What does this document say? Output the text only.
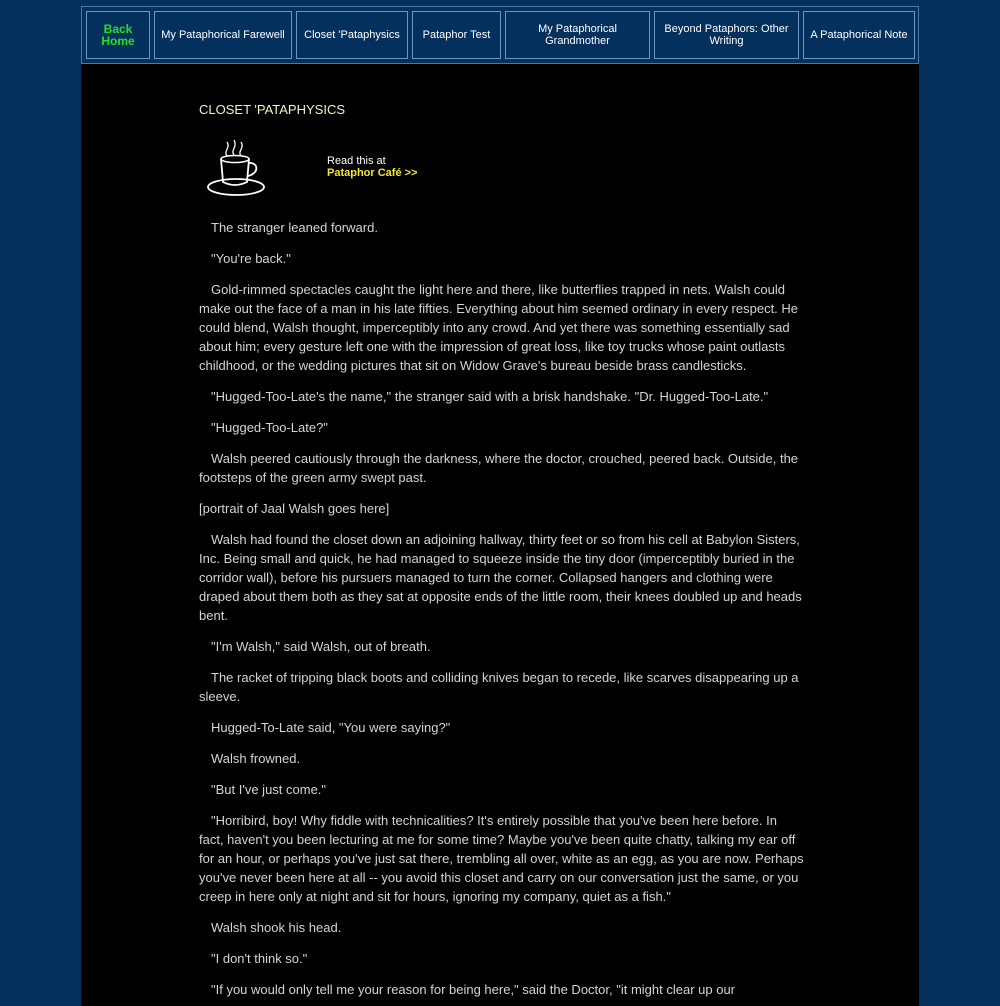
Back Home	My Pataphorical Farewell	Closet 'Pataphysics	Pataphor Test	My Pataphorical Grandmother
Beyond Pataphors: Other Writing	A Pataphorical Note
CLOSET 'PATAPHYSICS
Read this at
Pataphor Café >>

The stranger leaned forward.

"You're back."

Gold-rimmed spectacles caught the light here and there, like butterflies trapped in nets. Walsh could make out the face of a man in his late fifties. Everything about him seemed ordinary in every respect. He could blend, Walsh thought, imperceptibly into any crowd. And yet there was something essentially sad about him; every gesture left one with the impression of great loss, like toy trucks whose paint outlasts childhood, or the wedding pictures that sit on Widow Grave's bureau beside brass candlesticks.

"Hugged-Too-Late's the name," the stranger said with a brisk handshake. "Dr. Hugged-Too-Late."

"Hugged-Too-Late?"

Walsh peered cautiously through the darkness, where the doctor, crouched, peered back. Outside, the footsteps of the green army swept past.

[portrait of Jaal Walsh goes here]

Walsh had found the closet down an adjoining hallway, thirty feet or so from his cell at Babylon Sisters, Inc. Being small and quick, he had managed to squeeze inside the tiny door (imperceptibly buried in the corridor wall), before his pursuers managed to turn the corner. Collapsed hangers and clothing were draped about them both as they sat at opposite ends of the little room, their knees doubled up and heads bent.

"I'm Walsh," said Walsh, out of breath.

The racket of tripping black boots and colliding knives began to recede, like scarves disappearing up a sleeve.

Hugged-To-Late said, "You were saying?"

Walsh frowned.

"But I've just come."

"Horribird, boy! Why fiddle with technicalities? It's entirely possible that you've been here before. In fact, haven't you been lecturing at me for some time? Maybe you've been quite chatty, talking my ear off for an hour, or perhaps you've just sat there, trembling all over, white as an egg, as you are now. Perhaps you've never been here at all -- you avoid this closet and carry on our conversation just the same, or you creep in here only at night and sit for hours, ignoring my company, quiet as a fish."

Walsh shook his head.

"I don't think so."

"If you would only tell me your reason for being here," said the Doctor, "it might clear up our
